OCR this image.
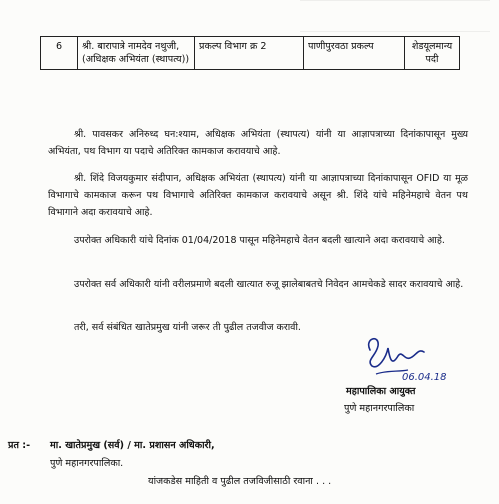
6	श्री. बारापात्रे नामदेव नथुजी, (अधिक्षक अभियंता (स्थापत्य))	प्रकल्प विभाग क्र 2	पाणीपुरवठा प्रकल्प	शेडयूलमान्य पदी
श्री. पावसकर अनिरुध्द घन:श्याम, अधिक्षक अभियंता (स्थापत्य) यांनी या आज्ञापत्राच्या दिनांकापासून मुख्य अभियंता, पथ विभाग या पदाचे अतिरिक्त कामकाज करावयाचे आहे.
श्री. शिंदे विजयकुमार संदीपान, अधिक्षक अभियंता (स्थापत्य) यांनी या आज्ञापत्राच्या दिनांकापासून OFID या मूळ विभागाचे कामकाज करून पथ विभागाचे अतिरिक्त कामकाज करावयाचे असून श्री. शिंदे यांचे महिनेमहाचे वेतन पथ विभागाने अदा करावयाचे आहे.
उपरोक्त अधिकारी यांचे दिनांक 01/04/2018 पासून महिनेमहाचे वेतन बदली खात्याने अदा करावयाचे आहे.
उपरोक्त सर्व अधिकारी यांनी वरीलप्रमाणे बदली खात्यात रुजू झालेबाबतचे निवेदन आमचेकडे सादर करावयाचे आहे.
तरी, सर्व संबंधित खातेप्रमुख यांनी जरूर ती पुढील तजवीज करावी.
06.04.18
महापालिका आयुक्त
पुणे महानगरपालिका
प्रत :- मा. खातेप्रमुख (सर्व) / मा. प्रशासन अधिकारी,
पुणे महानगरपालिका.
यांजकडेस माहिती व पुढील तजविजीसाठी रवाना . . .
